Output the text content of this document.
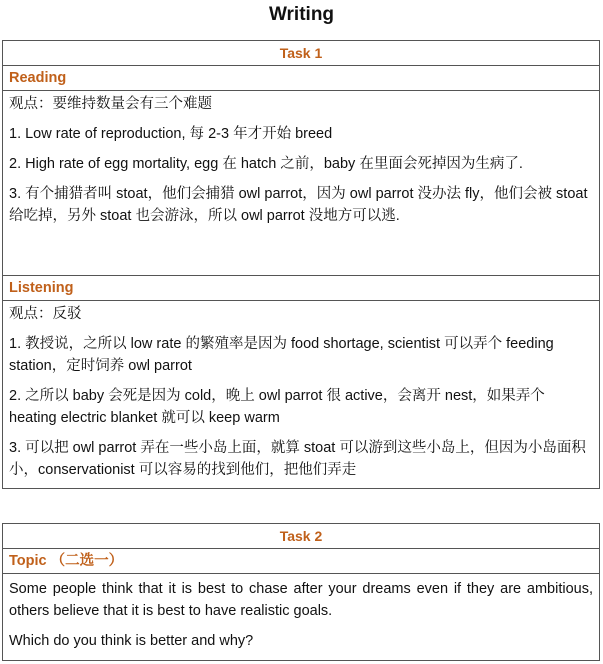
Writing
Task 1
Reading

观点：要维持数量会有三个难题

1. Low rate of reproduction, 每 2-3 年才开始 breed

2. High rate of egg mortality, egg 在 hatch 之前，baby 在里面会死掉因为生病了.

3. 有个捕猎者叫 stoat，他们会捕猎 owl parrot，因为 owl parrot 没办法 fly，他们会被 stoat 给吃掉，另外 stoat 也会游泳，所以 owl parrot 没地方可以逃.

Listening

观点：反驳

1. 教授说，之所以 low rate 的繁殖率是因为 food shortage, scientist 可以弄个 feeding station，定时饲养 owl parrot

2. 之所以 baby 会死是因为 cold，晚上 owl parrot 很 active，会离开 nest，如果弄个 heating electric blanket 就可以 keep warm

3. 可以把 owl parrot 弄在一些小岛上面，就算 stoat 可以游到这些小岛上，但因为小岛面积小，conservationist 可以容易的找到他们，把他们弄走

Task 2
Topic （二选一）

Some people think that it is best to chase after your dreams even if they are ambitious, others believe that it is best to have realistic goals.

Which do you think is better and why?
